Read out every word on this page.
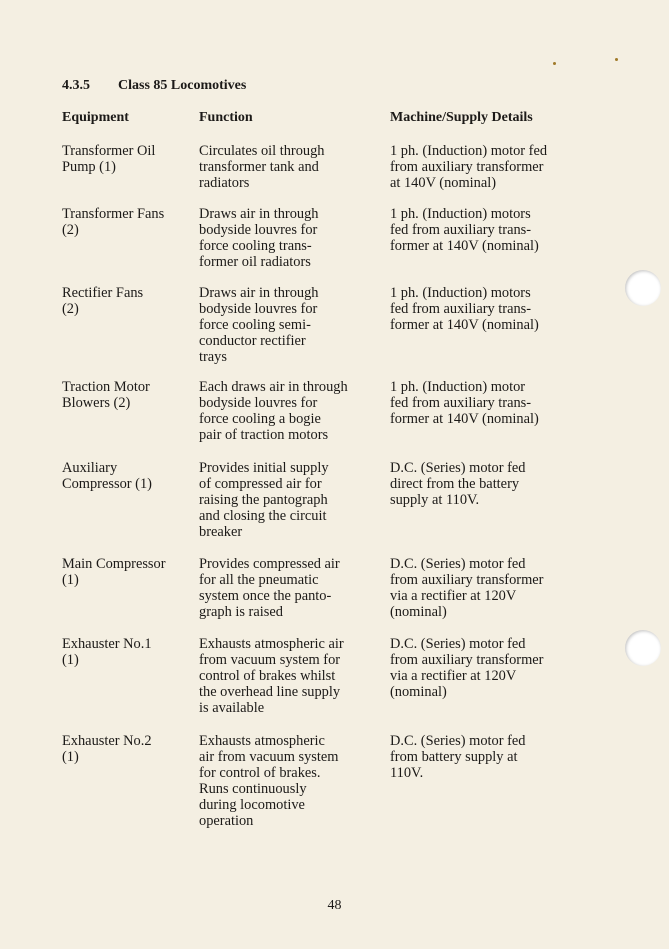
4.3.5 Class 85 Locomotives
Equipment	Function	Machine/Supply Details
Transformer Oil
Pump (1)
Circulates oil through
transformer tank and
radiators
1 ph. (Induction) motor fed
from auxiliary transformer
at 140V (nominal)
Transformer Fans
(2)
Draws air in through
bodyside louvres for
force cooling trans-
former oil radiators
1 ph. (Induction) motors
fed from auxiliary trans-
former at 140V (nominal)
Rectifier Fans
(2)
Draws air in through
bodyside louvres for
force cooling semi-
conductor rectifier
trays
1 ph. (Induction) motors
fed from auxiliary trans-
former at 140V (nominal)
Traction Motor
Blowers (2)
Each draws air in through
bodyside louvres for
force cooling a bogie
pair of traction motors
1 ph. (Induction) motor
fed from auxiliary trans-
former at 140V (nominal)
Auxiliary
Compressor (1)
Provides initial supply
of compressed air for
raising the pantograph
and closing the circuit
breaker
D.C. (Series) motor fed
direct from the battery
supply at 110V.
Main Compressor
(1)
Provides compressed air
for all the pneumatic
system once the panto-
graph is raised
D.C. (Series) motor fed
from auxiliary transformer
via a rectifier at 120V
(nominal)
Exhauster No.1
(1)
Exhausts atmospheric air
from vacuum system for
control of brakes whilst
the overhead line supply
is available
D.C. (Series) motor fed
from auxiliary transformer
via a rectifier at 120V
(nominal)
Exhauster No.2
(1)
Exhausts atmospheric
air from vacuum system
for control of brakes.
Runs continuously
during locomotive
operation
D.C. (Series) motor fed
from battery supply at
110V.
48
